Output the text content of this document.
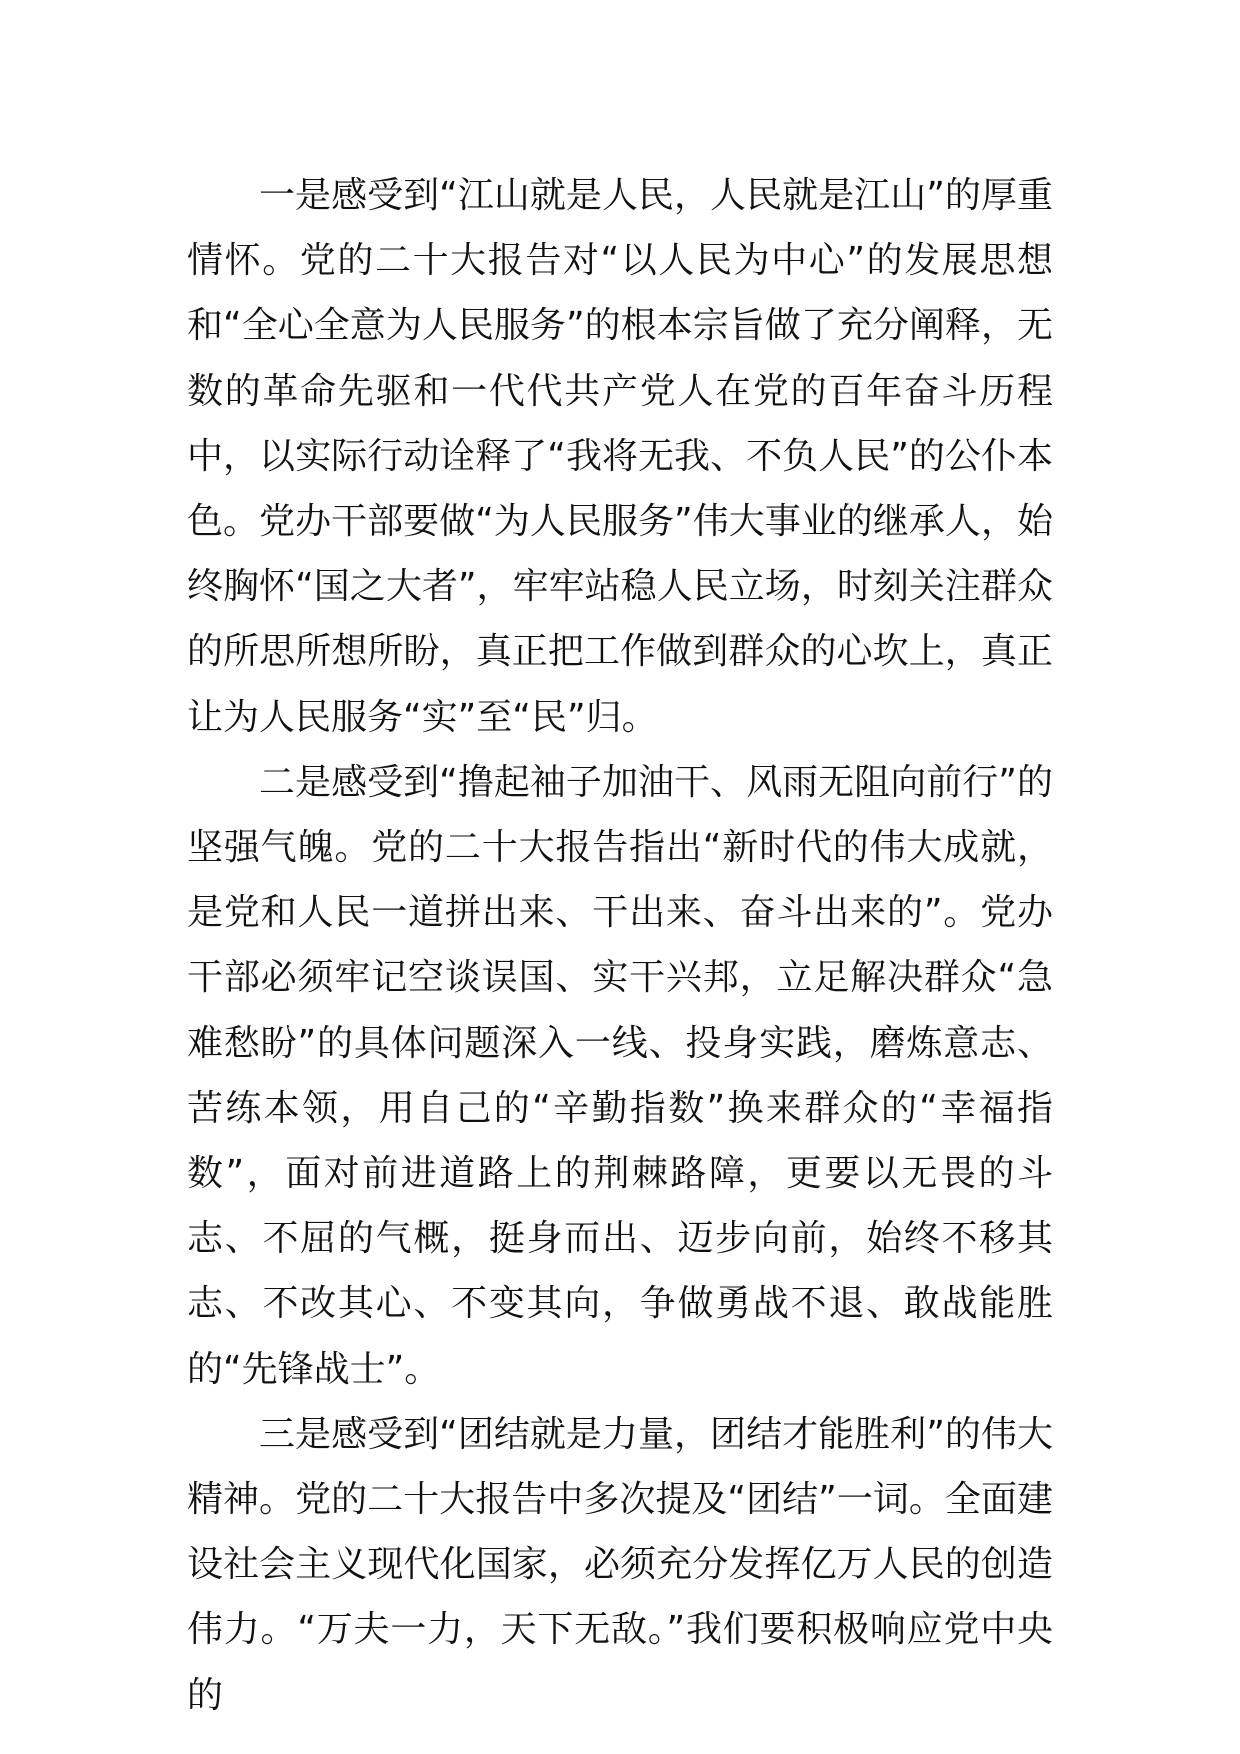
一是感受到“江山就是人民，人民就是江山”的厚重情怀。党的二十大报告对“以人民为中心”的发展思想和“全心全意为人民服务”的根本宗旨做了充分阐释，无数的革命先驱和一代代共产党人在党的百年奋斗历程中，以实际行动诠释了“我将无我、不负人民”的公仆本色。党办干部要做“为人民服务”伟大事业的继承人，始终胸怀“国之大者”，牢牢站稳人民立场，时刻关注群众的所思所想所盼，真正把工作做到群众的心坎上，真正让为人民服务“实”至“民”归。

二是感受到“撸起袖子加油干、风雨无阻向前行”的坚强气魄。党的二十大报告指出“新时代的伟大成就，是党和人民一道拼出来、干出来、奋斗出来的”。党办干部必须牢记空谈误国、实干兴邦，立足解决群众“急难愁盼”的具体问题深入一线、投身实践，磨炼意志、苦练本领，用自己的“辛勤指数”换来群众的“幸福指数”，面对前进道路上的荆棘路障，更要以无畏的斗志、不屈的气概，挺身而出、迈步向前，始终不移其志、不改其心、不变其向，争做勇战不退、敢战能胜的“先锋战士”。

三是感受到“团结就是力量，团结才能胜利”的伟大精神。党的二十大报告中多次提及“团结”一词。全面建设社会主义现代化国家，必须充分发挥亿万人民的创造伟力。“万夫一力，天下无敌。”我们要积极响应党中央的
